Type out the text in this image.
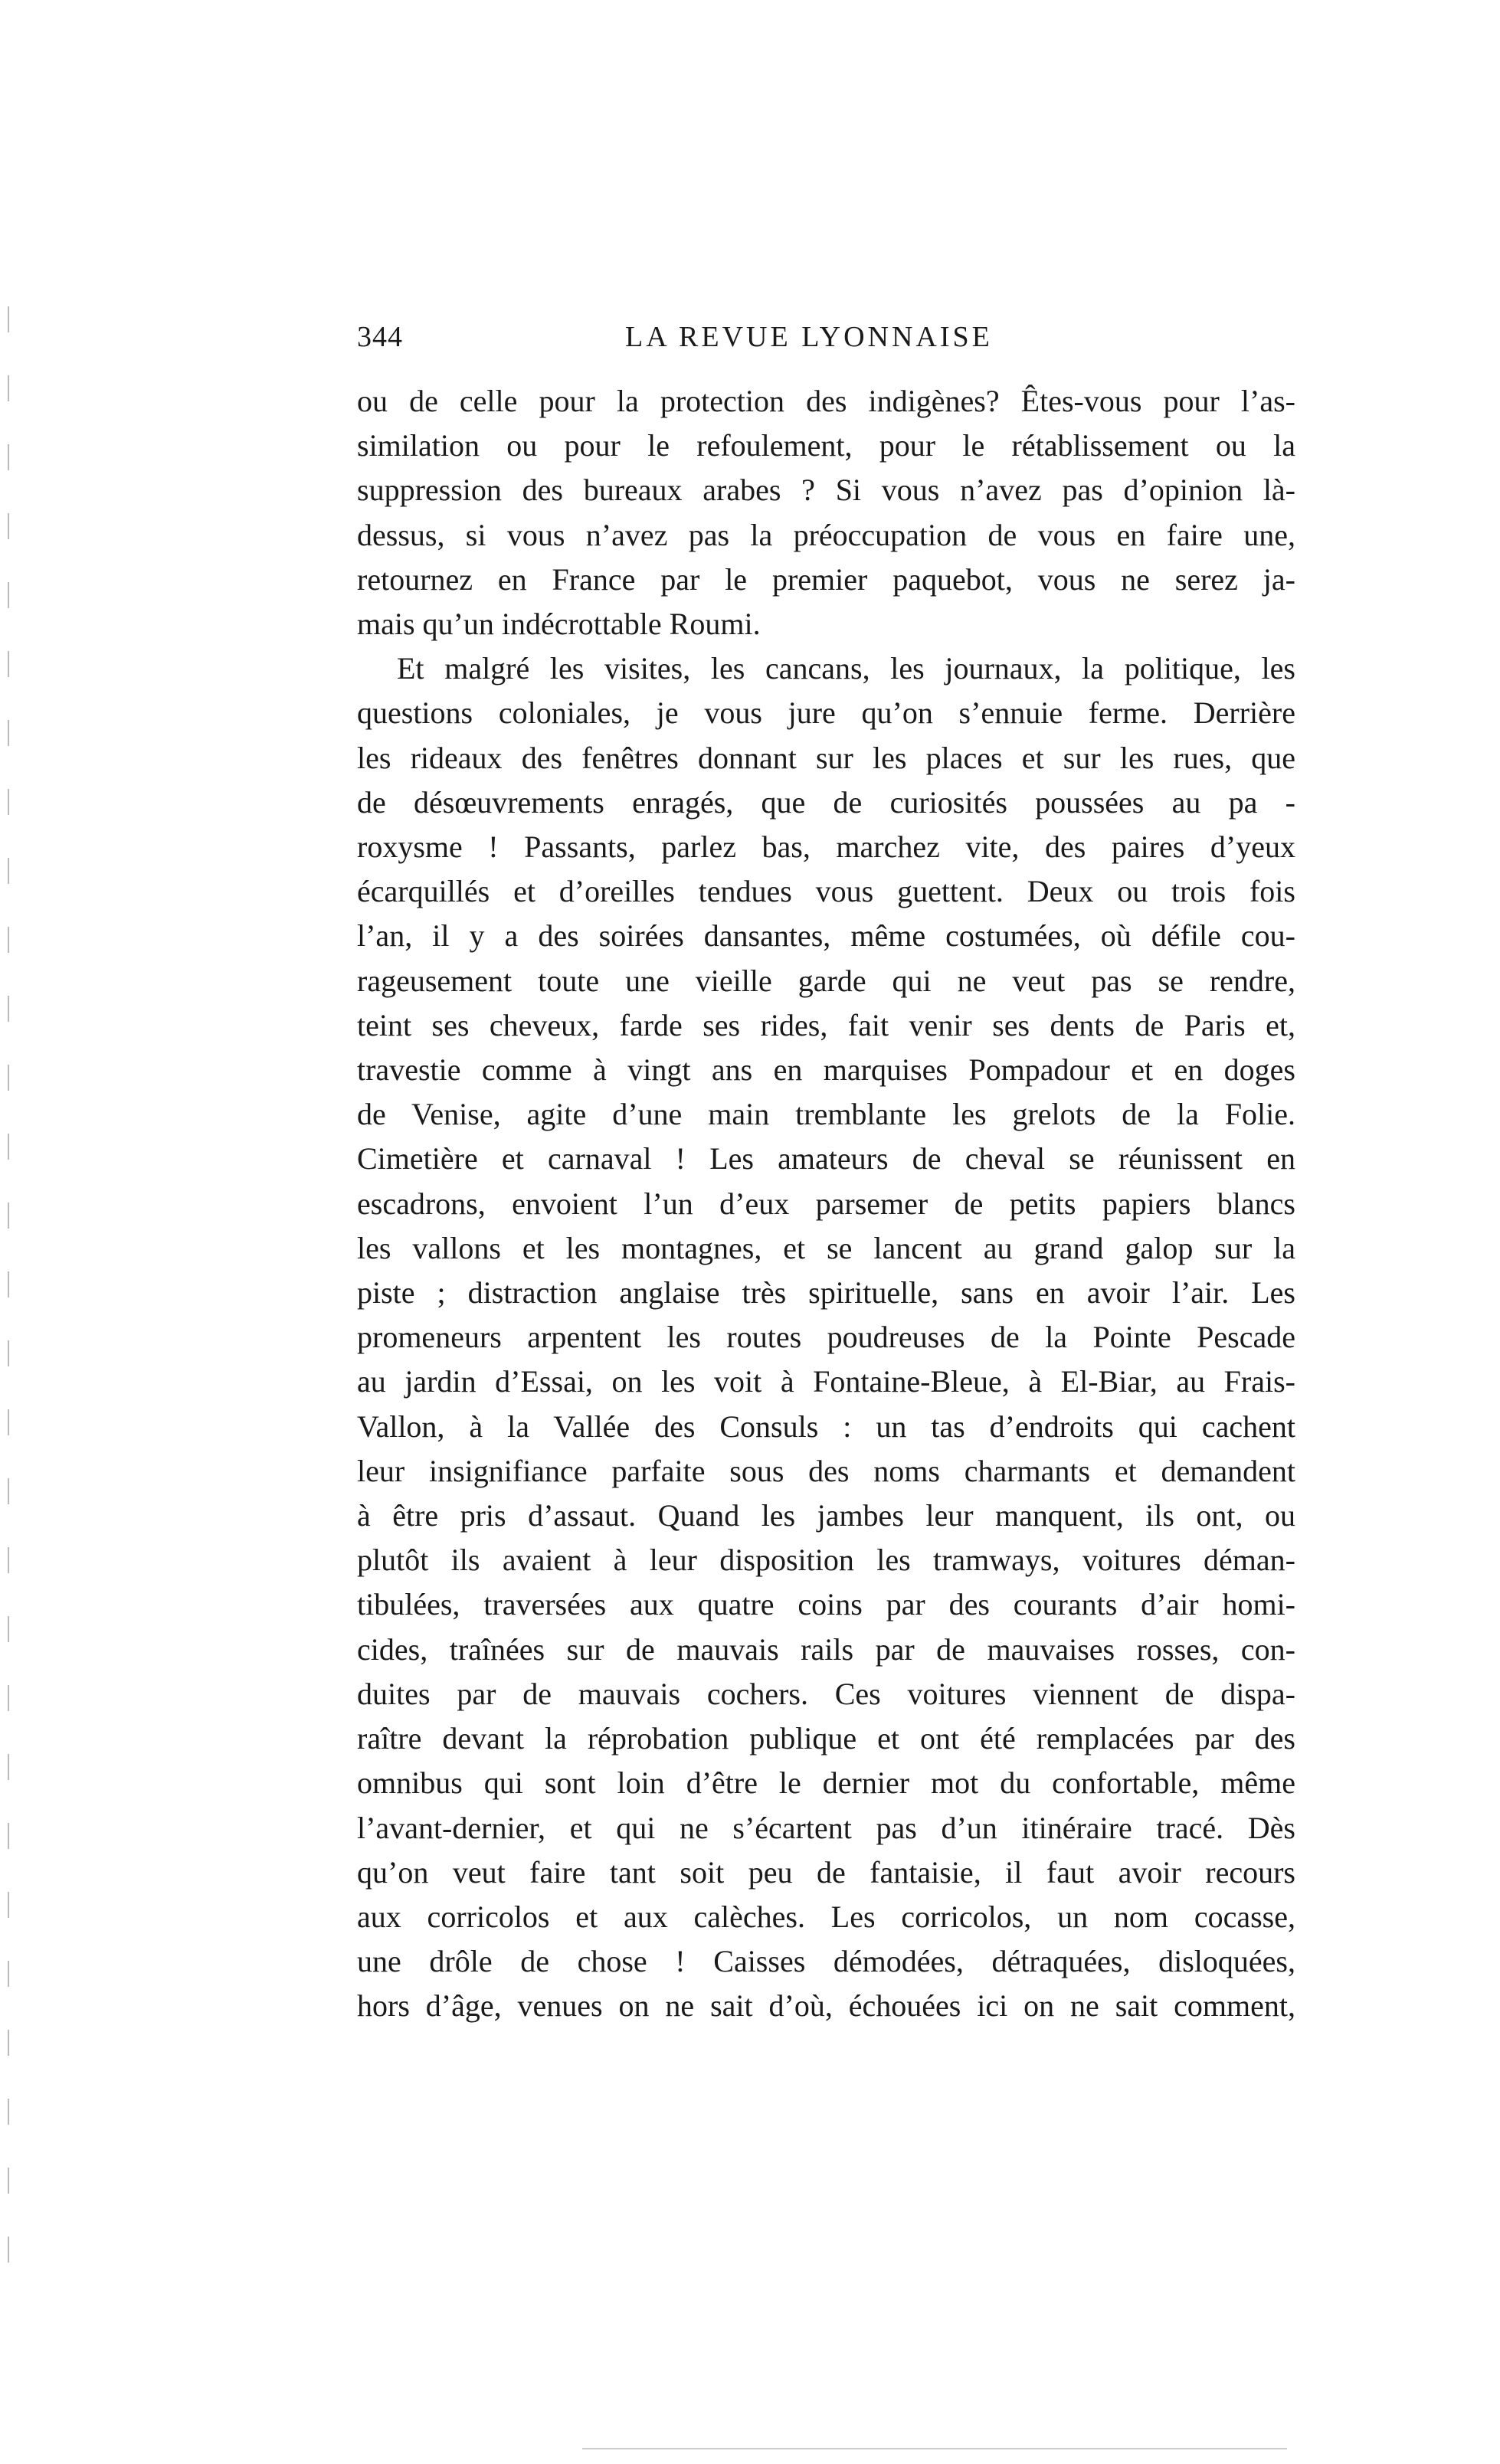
344	LA REVUE LYONNAISE
ou de celle pour la protection des indigènes? Êtes-vous pour l’as-
similation ou pour le refoulement, pour le rétablissement ou la
suppression des bureaux arabes ? Si vous n’avez pas d’opinion là-
dessus, si vous n’avez pas la préoccupation de vous en faire une,
retournez en France par le premier paquebot, vous ne serez ja-
mais qu’un indécrottable Roumi.
Et malgré les visites, les cancans, les journaux, la politique, les
questions coloniales, je vous jure qu’on s’ennuie ferme. Derrière
les rideaux des fenêtres donnant sur les places et sur les rues, que
de désœuvrements enragés, que de curiosités poussées au pa -
roxysme ! Passants, parlez bas, marchez vite, des paires d’yeux
écarquillés et d’oreilles tendues vous guettent. Deux ou trois fois
l’an, il y a des soirées dansantes, même costumées, où défile cou-
rageusement toute une vieille garde qui ne veut pas se rendre,
teint ses cheveux, farde ses rides, fait venir ses dents de Paris et,
travestie comme à vingt ans en marquises Pompadour et en doges
de Venise, agite d’une main tremblante les grelots de la Folie.
Cimetière et carnaval ! Les amateurs de cheval se réunissent en
escadrons, envoient l’un d’eux parsemer de petits papiers blancs
les vallons et les montagnes, et se lancent au grand galop sur la
piste ; distraction anglaise très spirituelle, sans en avoir l’air. Les
promeneurs arpentent les routes poudreuses de la Pointe Pescade
au jardin d’Essai, on les voit à Fontaine-Bleue, à El-Biar, au Frais-
Vallon, à la Vallée des Consuls : un tas d’endroits qui cachent
leur insignifiance parfaite sous des noms charmants et demandent
à être pris d’assaut. Quand les jambes leur manquent, ils ont, ou
plutôt ils avaient à leur disposition les tramways, voitures déman-
tibulées, traversées aux quatre coins par des courants d’air homi-
cides, traînées sur de mauvais rails par de mauvaises rosses, con-
duites par de mauvais cochers. Ces voitures viennent de dispa-
raître devant la réprobation publique et ont été remplacées par des
omnibus qui sont loin d’être le dernier mot du confortable, même
l’avant-dernier, et qui ne s’écartent pas d’un itinéraire tracé. Dès
qu’on veut faire tant soit peu de fantaisie, il faut avoir recours
aux corricolos et aux calèches. Les corricolos, un nom cocasse,
une drôle de chose ! Caisses démodées, détraquées, disloquées,
hors d’âge, venues on ne sait d’où, échouées ici on ne sait comment,
